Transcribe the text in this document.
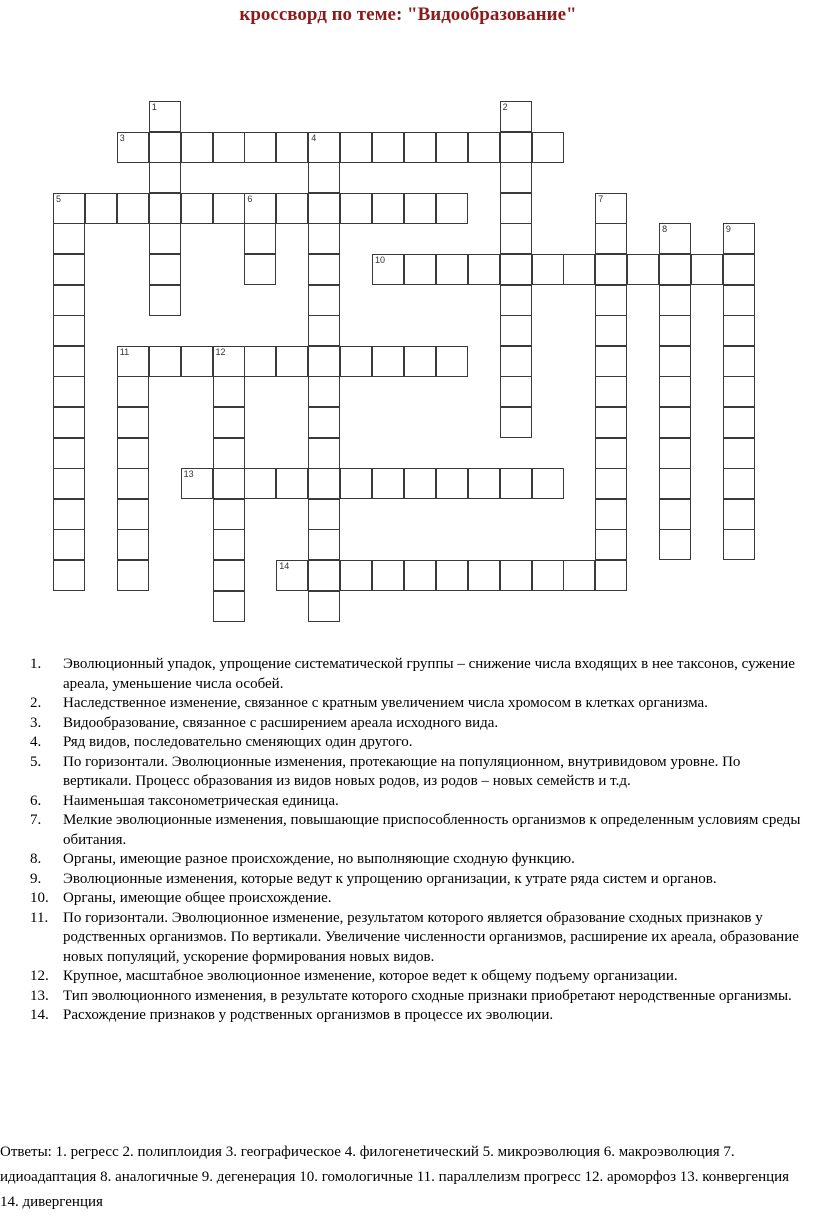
кроссворд по теме: "Видообразование"
1	2
3	4
5	6	7
8	9
10
11	12
13
14
1. Эволюционный упадок, упрощение систематической группы – снижение числа входящих в нее таксонов, сужение ареала, уменьшение числа особей.
2. Наследственное изменение, связанное с кратным увеличением числа хромосом в клетках организма.
3. Видообразование, связанное с расширением ареала исходного вида.
4. Ряд видов, последовательно сменяющих один другого.
5. По горизонтали. Эволюционные изменения, протекающие на популяционном, внутривидовом уровне. По вертикали. Процесс образования из видов новых родов, из родов – новых семейств и т.д.
6. Наименьшая таксонометрическая единица.
7. Мелкие эволюционные изменения, повышающие приспособленность организмов к определенным условиям среды обитания.
8. Органы, имеющие разное происхождение, но выполняющие сходную функцию.
9. Эволюционные изменения, которые ведут к упрощению организации, к утрате ряда систем и органов.
10. Органы, имеющие общее происхождение.
11. По горизонтали. Эволюционное изменение, результатом которого является образование сходных признаков у родственных организмов. По вертикали. Увеличение численности организмов, расширение их ареала, образование новых популяций, ускорение формирования новых видов.
12. Крупное, масштабное эволюционное изменение, которое ведет к общему подъему организации.
13. Тип эволюционного изменения, в результате которого сходные признаки приобретают неродственные организмы.
14. Расхождение признаков у родственных организмов в процессе их эволюции.
Ответы: 1. регресс 2. полиплоидия 3. географическое 4. филогенетический 5. микроэволюция 6. макроэволюция 7. идиоадаптация 8. аналогичные 9. дегенерация 10. гомологичные 11. параллелизм прогресс 12. ароморфоз 13. конвергенция 14. дивергенция
